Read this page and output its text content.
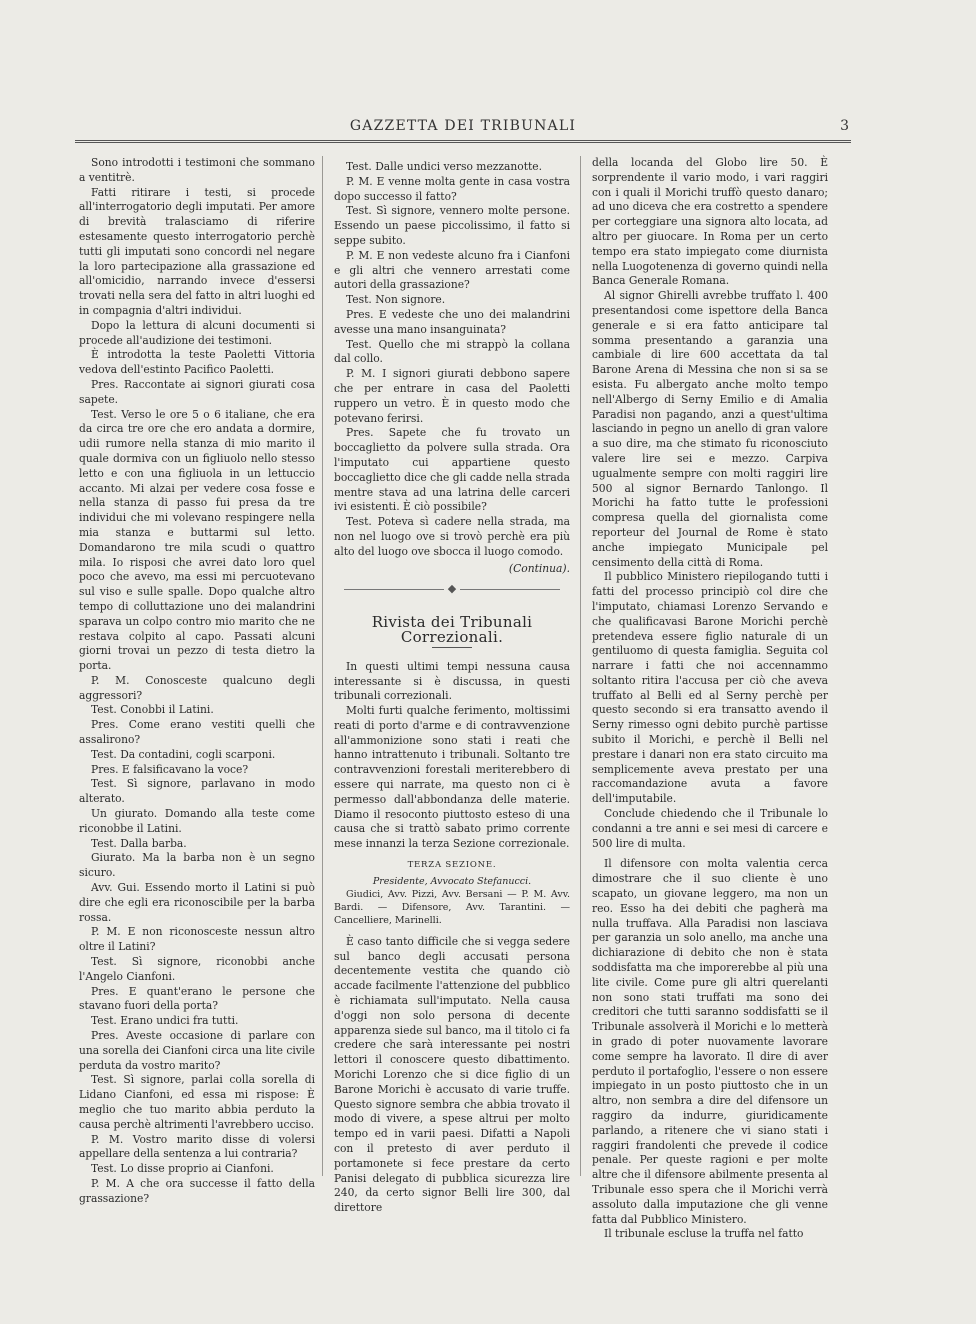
GAZZETTA DEI TRIBUNALI	3

Sono introdotti i testimoni che sommano a ventitrè.

Fatti ritirare i testi, si procede all'interrogatorio degli imputati. Per amore di brevità tralasciamo di riferire estesamente questo interrogatorio perchè tutti gli imputati sono concordi nel negare la loro partecipazione alla grassazione ed all'omicidio, narrando invece d'essersi trovati nella sera del fatto in altri luoghi ed in compagnia d'altri individui.

Dopo la lettura di alcuni documenti si procede all'audizione dei testimoni.

È introdotta la teste Paoletti Vittoria vedova dell'estinto Pacifico Paoletti.

Pres. Raccontate ai signori giurati cosa sapete.

Test. Verso le ore 5 o 6 italiane, che era da circa tre ore che ero andata a dormire, udii rumore nella stanza di mio marito il quale dormiva con un figliuolo nello stesso letto e con una figliuola in un lettuccio accanto. Mi alzai per vedere cosa fosse e nella stanza di passo fui presa da tre individui che mi volevano respingere nella mia stanza e buttarmi sul letto. Domandarono tre mila scudi o quattro mila. Io risposi che avrei dato loro quel poco che avevo, ma essi mi percuotevano sul viso e sulle spalle. Dopo qualche altro tempo di colluttazione uno dei malandrini sparava un colpo contro mio marito che ne restava colpito al capo. Passati alcuni giorni trovai un pezzo di testa dietro la porta.

P. M. Conosceste qualcuno degli aggressori?

Test. Conobbi il Latini.

Pres. Come erano vestiti quelli che assalirono?

Test. Da contadini, cogli scarponi.

Pres. E falsificavano la voce?

Test. Sì signore, parlavano in modo alterato.

Un giurato. Domando alla teste come riconobbe il Latini.

Test. Dalla barba.

Giurato. Ma la barba non è un segno sicuro.

Avv. Gui. Essendo morto il Latini si può dire che egli era riconoscibile per la barba rossa.

P. M. E non riconosceste nessun altro oltre il Latini?

Test. Sì signore, riconobbi anche l'Angelo Cianfoni.

Pres. E quant'erano le persone che stavano fuori della porta?

Test. Erano undici fra tutti.

Pres. Aveste occasione di parlare con una sorella dei Cianfoni circa una lite civile perduta da vostro marito?

Test. Sì signore, parlai colla sorella di Lidano Cianfoni, ed essa mi rispose: È meglio che tuo marito abbia perduto la causa perchè altrimenti l'avrebbero ucciso.

P. M. Vostro marito disse di volersi appellare della sentenza a lui contraria?

Test. Lo disse proprio ai Cianfoni.

P. M. A che ora successe il fatto della grassazione?

Test. Dalle undici verso mezzanotte.

P. M. E venne molta gente in casa vostra dopo successo il fatto?

Test. Sì signore, vennero molte persone. Essendo un paese piccolissimo, il fatto si seppe subito.

P. M. E non vedeste alcuno fra i Cianfoni e gli altri che vennero arrestati come autori della grassazione?

Test. Non signore.

Pres. E vedeste che uno dei malandrini avesse una mano insanguinata?

Test. Quello che mi strappò la collana dal collo.

P. M. I signori giurati debbono sapere che per entrare in casa del Paoletti ruppero un vetro. È in questo modo che potevano ferirsi.

Pres. Sapete che fu trovato un boccaglietto da polvere sulla strada. Ora l'imputato cui appartiene questo boccaglietto dice che gli cadde nella strada mentre stava ad una latrina delle carceri ivi esistenti. È ciò possibile?

Test. Poteva sì cadere nella strada, ma non nel luogo ove si trovò perchè era più alto del luogo ove sbocca il luogo comodo.

(Continua).
◆
Rivista dei Tribunali Correzionali.

In questi ultimi tempi nessuna causa interessante si è discussa, in questi tribunali correzionali.

Molti furti qualche ferimento, moltissimi reati di porto d'arme e di contravvenzione all'ammonizione sono stati i reati che hanno intrattenuto i tribunali. Soltanto tre contravvenzioni forestali meriterebbero di essere qui narrate, ma questo non ci è permesso dall'abbondanza delle materie. Diamo il resoconto piuttosto esteso di una causa che si trattò sabato primo corrente mese innanzi la terza Sezione correzionale.

TERZA SEZIONE.
Presidente, Avvocato Stefanucci.

Giudici, Avv. Pizzi, Avv. Bersani — P. M. Avv. Bardi. — Difensore, Avv. Tarantini. — Cancelliere, Marinelli.

È caso tanto difficile che si vegga sedere sul banco degli accusati persona decentemente vestita che quando ciò accade facilmente l'attenzione del pubblico è richiamata sull'imputato. Nella causa d'oggi non solo persona di decente apparenza siede sul banco, ma il titolo ci fa credere che sarà interessante pei nostri lettori il conoscere questo dibattimento. Morichi Lorenzo che si dice figlio di un Barone Morichi è accusato di varie truffe. Questo signore sembra che abbia trovato il modo di vivere, a spese altrui per molto tempo ed in varii paesi. Difatti a Napoli con il pretesto di aver perduto il portamonete si fece prestare da certo Panisi delegato di pubblica sicurezza lire 240, da certo signor Belli lire 300, dal direttore

della locanda del Globo lire 50. È sorprendente il vario modo, i vari raggiri con i quali il Morichi truffò questo danaro; ad uno diceva che era costretto a spendere per corteggiare una signora alto locata, ad altro per giuocare. In Roma per un certo tempo era stato impiegato come diurnista nella Luogotenenza di governo quindi nella Banca Generale Romana.

Al signor Ghirelli avrebbe truffato l. 400 presentandosi come ispettore della Banca generale e si era fatto anticipare tal somma presentando a garanzia una cambiale di lire 600 accettata da tal Barone Arena di Messina che non si sa se esista. Fu albergato anche molto tempo nell'Albergo di Serny Emilio e di Amalia Paradisi non pagando, anzi a quest'ultima lasciando in pegno un anello di gran valore a suo dire, ma che stimato fu riconosciuto valere lire sei e mezzo. Carpiva ugualmente sempre con molti raggiri lire 500 al signor Bernardo Tanlongo. Il Morichi ha fatto tutte le professioni compresa quella del giornalista come reporteur del Journal de Rome è stato anche impiegato Municipale pel censimento della città di Roma.

Il pubblico Ministero riepilogando tutti i fatti del processo principiò col dire che l'imputato, chiamasi Lorenzo Servando e che qualificavasi Barone Morichi perchè pretendeva essere figlio naturale di un gentiluomo di questa famiglia. Seguita col narrare i fatti che noi accennammo soltanto ritira l'accusa per ciò che aveva truffato al Belli ed al Serny perchè per questo secondo si era transatto avendo il Serny rimesso ogni debito purchè partisse subito il Morichi, e perchè il Belli nel prestare i danari non era stato circuito ma semplicemente aveva prestato per una raccomandazione avuta a favore dell'imputabile.

Conclude chiedendo che il Tribunale lo condanni a tre anni e sei mesi di carcere e 500 lire di multa.

Il difensore con molta valentia cerca dimostrare che il suo cliente è uno scapato, un giovane leggero, ma non un reo. Esso ha dei debiti che pagherà ma nulla truffava. Alla Paradisi non lasciava per garanzia un solo anello, ma anche una dichiarazione di debito che non è stata soddisfatta ma che imporerebbe al più una lite civile. Come pure gli altri querelanti non sono stati truffati ma sono dei creditori che tutti saranno soddisfatti se il Tribunale assolverà il Morichi e lo metterà in grado di poter nuovamente lavorare come sempre ha lavorato. Il dire di aver perduto il portafoglio, l'essere o non essere impiegato in un posto piuttosto che in un altro, non sembra a dire del difensore un raggiro da indurre, giuridicamente parlando, a ritenere che vi siano stati i raggiri frandolenti che prevede il codice penale. Per queste ragioni e per molte altre che il difensore abilmente presenta al Tribunale esso spera che il Morichi verrà assoluto dalla imputazione che gli venne fatta dal Pubblico Ministero.

Il tribunale escluse la truffa nel fatto
